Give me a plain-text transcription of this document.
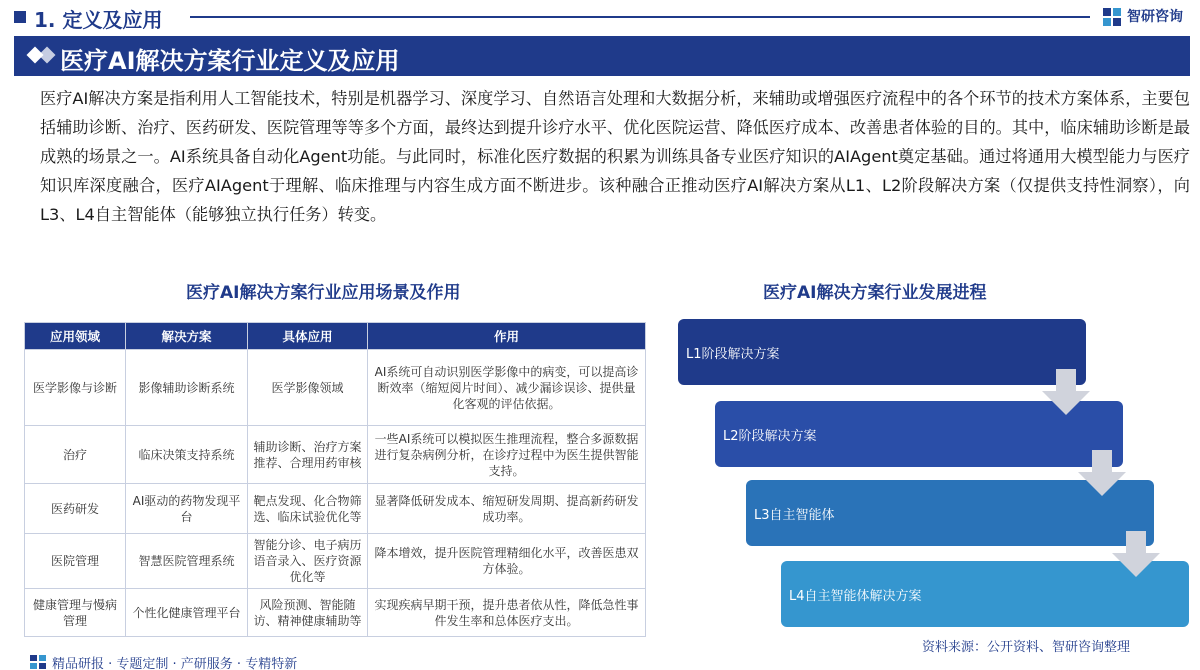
1. 定义及应用	智研咨询
医疗AI解决方案行业定义及应用

医疗AI解决方案是指利用人工智能技术，特别是机器学习、深度学习、自然语言处理和大数据分析，来辅助或增强医疗流程中的各个环节的技术方案体系，主要包括辅助诊断、治疗、医药研发、医院管理等等多个方面，最终达到提升诊疗水平、优化医院运营、降低医疗成本、改善患者体验的目的。其中，临床辅助诊断是最成熟的场景之一。AI系统具备自动化Agent功能。与此同时，标准化医疗数据的积累为训练具备专业医疗知识的AIAgent奠定基础。通过将通用大模型能力与医疗知识库深度融合，医疗AIAgent于理解、临床推理与内容生成方面不断进步。该种融合正推动医疗AI解决方案从L1、L2阶段解决方案（仅提供支持性洞察），向L3、L4自主智能体（能够独立执行任务）转变。

医疗AI解决方案行业应用场景及作用	医疗AI解决方案行业发展进程
应用领域	解决方案	具体应用	作用
医学影像与诊断	影像辅助诊断系统	医学影像领域	AI系统可自动识别医学影像中的病变，可以提高诊断效率（缩短阅片时间）、减少漏诊误诊、提供量化客观的评估依据。
治疗	临床决策支持系统	辅助诊断、治疗方案推荐、合理用药审核	一些AI系统可以模拟医生推理流程，整合多源数据进行复杂病例分析，在诊疗过程中为医生提供智能支持。
医药研发	AI驱动的药物发现平台	靶点发现、化合物筛选、临床试验优化等	显著降低研发成本、缩短研发周期、提高新药研发成功率。
医院管理	智慧医院管理系统	智能分诊、电子病历语音录入、医疗资源优化等	降本增效，提升医院管理精细化水平，改善医患双方体验。
健康管理与慢病管理	个性化健康管理平台	风险预测、智能随访、精神健康辅助等	实现疾病早期干预，提升患者依从性，降低急性事件发生率和总体医疗支出。
L1阶段解决方案
L2阶段解决方案
L3自主智能体
L4自主智能体解决方案
资料来源：公开资料、智研咨询整理
精品研报 · 专题定制 · 产研服务 · 专精特新
